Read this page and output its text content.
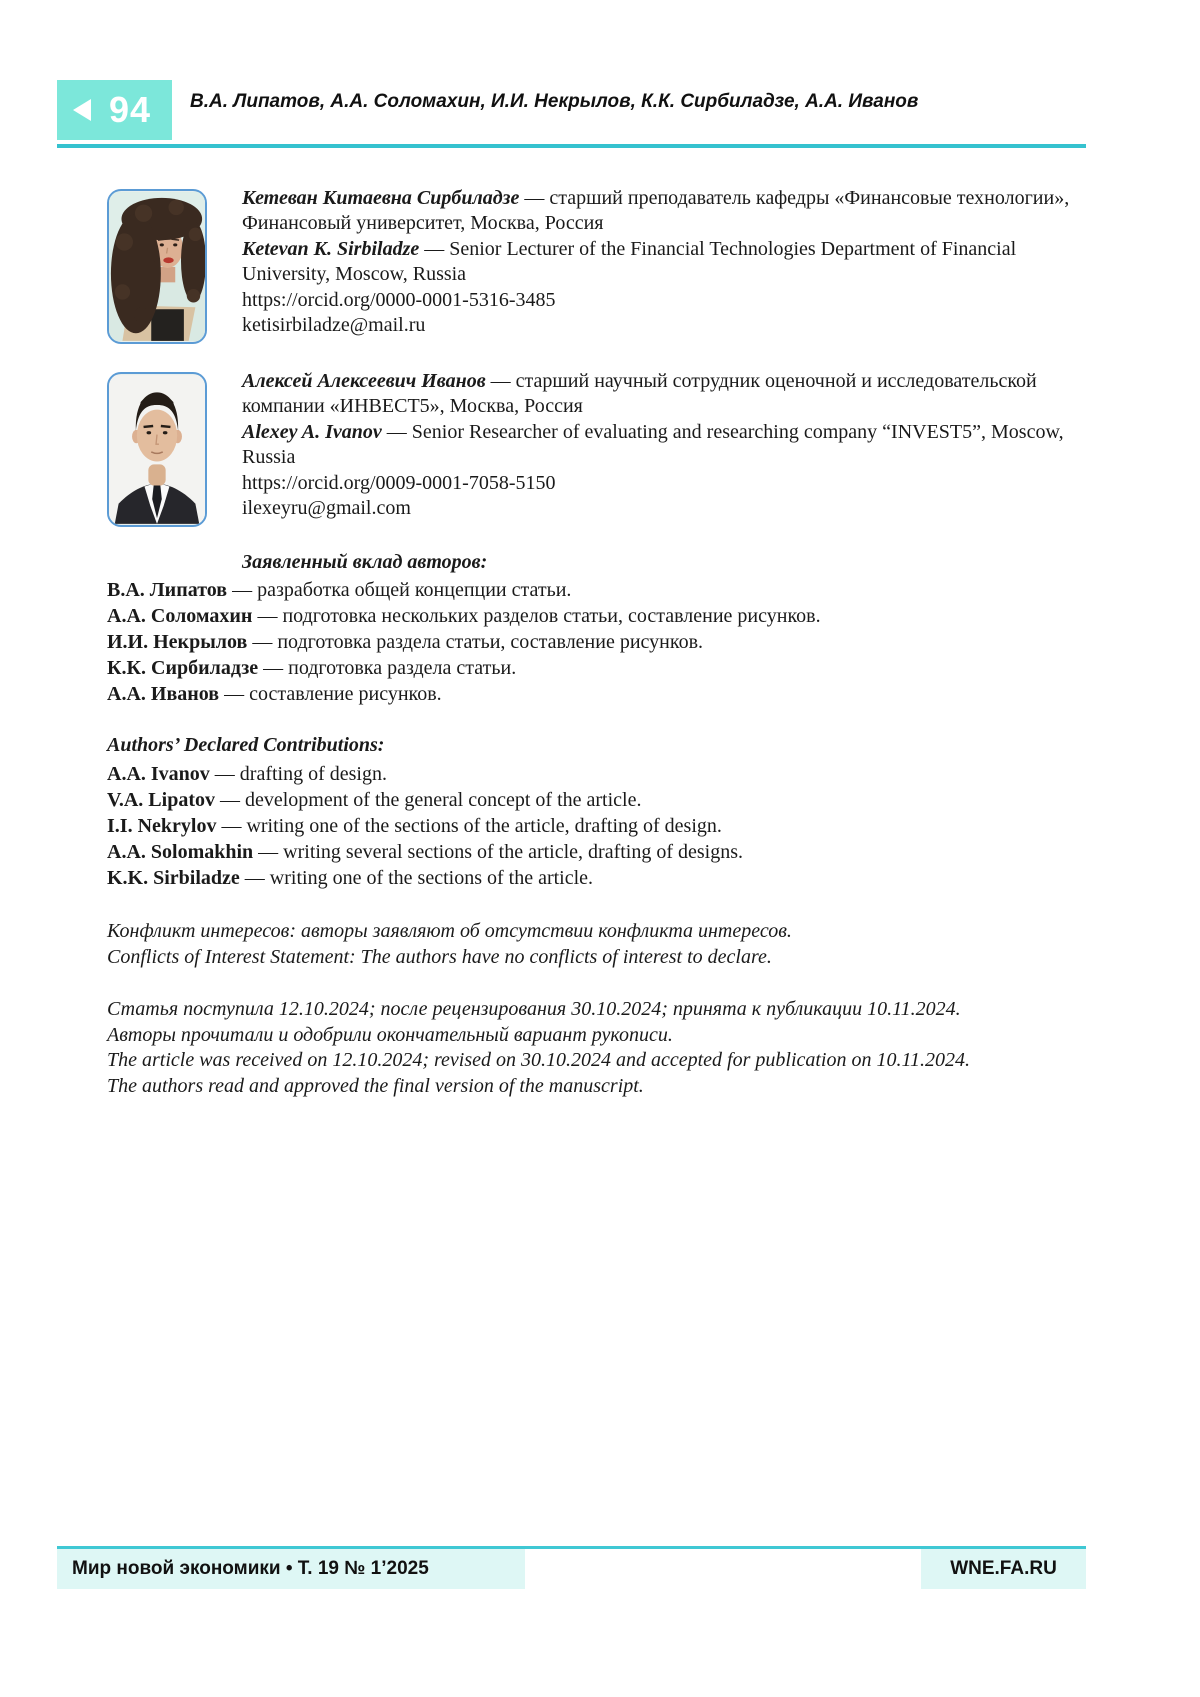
94 В.А. Липатов, А.А. Соломахин, И.И. Некрылов, К.К. Сирбиладзе, А.А. Иванов
Кетеван Китаевна Сирбиладзе — старший преподаватель кафедры «Финансовые технологии», Финансовый университет, Москва, Россия
Ketevan K. Sirbiladze — Senior Lecturer of the Financial Technologies Department of Financial University, Moscow, Russia
https://orcid.org/0000-0001-5316-3485
ketisirbiladze@mail.ru
Алексей Алексеевич Иванов — старший научный сотрудник оценочной и исследовательской компании «ИНВЕСТ5», Москва, Россия
Alexey A. Ivanov — Senior Researcher of evaluating and researching company “INVEST5”, Moscow, Russia
https://orcid.org/0009-0001-7058-5150
ilexeyru@gmail.com
Заявленный вклад авторов:
В.А. Липатов — разработка общей концепции статьи.
А.А. Соломахин — подготовка нескольких разделов статьи, составление рисунков.
И.И. Некрылов — подготовка раздела статьи, составление рисунков.
К.К. Сирбиладзе — подготовка раздела статьи.
А.А. Иванов — составление рисунков.
Authors’ Declared Contributions:
A.A. Ivanov — drafting of design.
V.A. Lipatov — development of the general concept of the article.
I.I. Nekrylov — writing one of the sections of the article, drafting of design.
A.A. Solomakhin — writing several sections of the article, drafting of designs.
K.K. Sirbiladze — writing one of the sections of the article.
Конфликт интересов: авторы заявляют об отсутствии конфликта интересов.
Conflicts of Interest Statement: The authors have no conflicts of interest to declare.
Статья поступила 12.10.2024; после рецензирования 30.10.2024; принята к публикации 10.11.2024.
Авторы прочитали и одобрили окончательный вариант рукописи.
The article was received on 12.10.2024; revised on 30.10.2024 and accepted for publication on 10.11.2024.
The authors read and approved the final version of the manuscript.
Мир новой экономики • Т. 19 № 1’2025	WNE.FA.RU
